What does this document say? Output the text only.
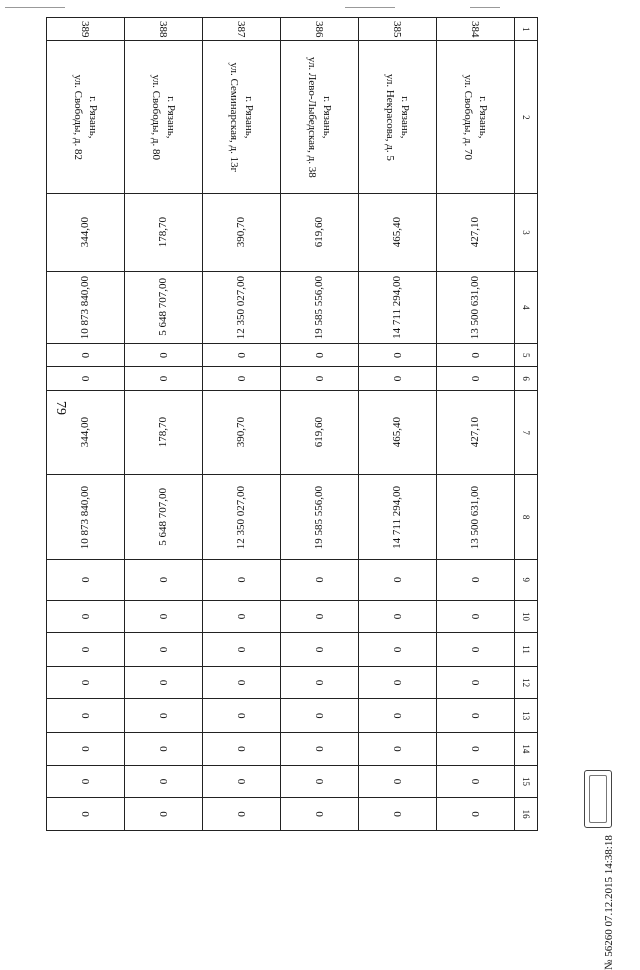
79
1	2	3	4	5	6	7	8	9	10	11	12	13	14	15	16
384	г. Рязань,
ул. Свободы, д. 70	427,10	13 500 631,00	0	0	427,10	13 500 631,00	0	0	0	0	0	0	0	0
385	г. Рязань,
ул. Некрасова, д. 5	465,40	14 711 294,00	0	0	465,40	14 711 294,00	0	0	0	0	0	0	0	0
386	г. Рязань,
ул. Лево-Лыбедская, д. 38	619,60	19 585 556,00	0	0	619,60	19 585 556,00	0	0	0	0	0	0	0	0
387	г. Рязань,
ул. Семинарская, д. 13г	390,70	12 350 027,00	0	0	390,70	12 350 027,00	0	0	0	0	0	0	0	0
388	г. Рязань,
ул. Свободы, д. 80	178,70	5 648 707,00	0	0	178,70	5 648 707,00	0	0	0	0	0	0	0	0
389	г. Рязань,
ул. Свободы, д. 82	344,00	10 873 840,00	0	0	344,00	10 873 840,00	0	0	0	0	0	0	0	0
№ 56260 07.12.2015 14:38:18
